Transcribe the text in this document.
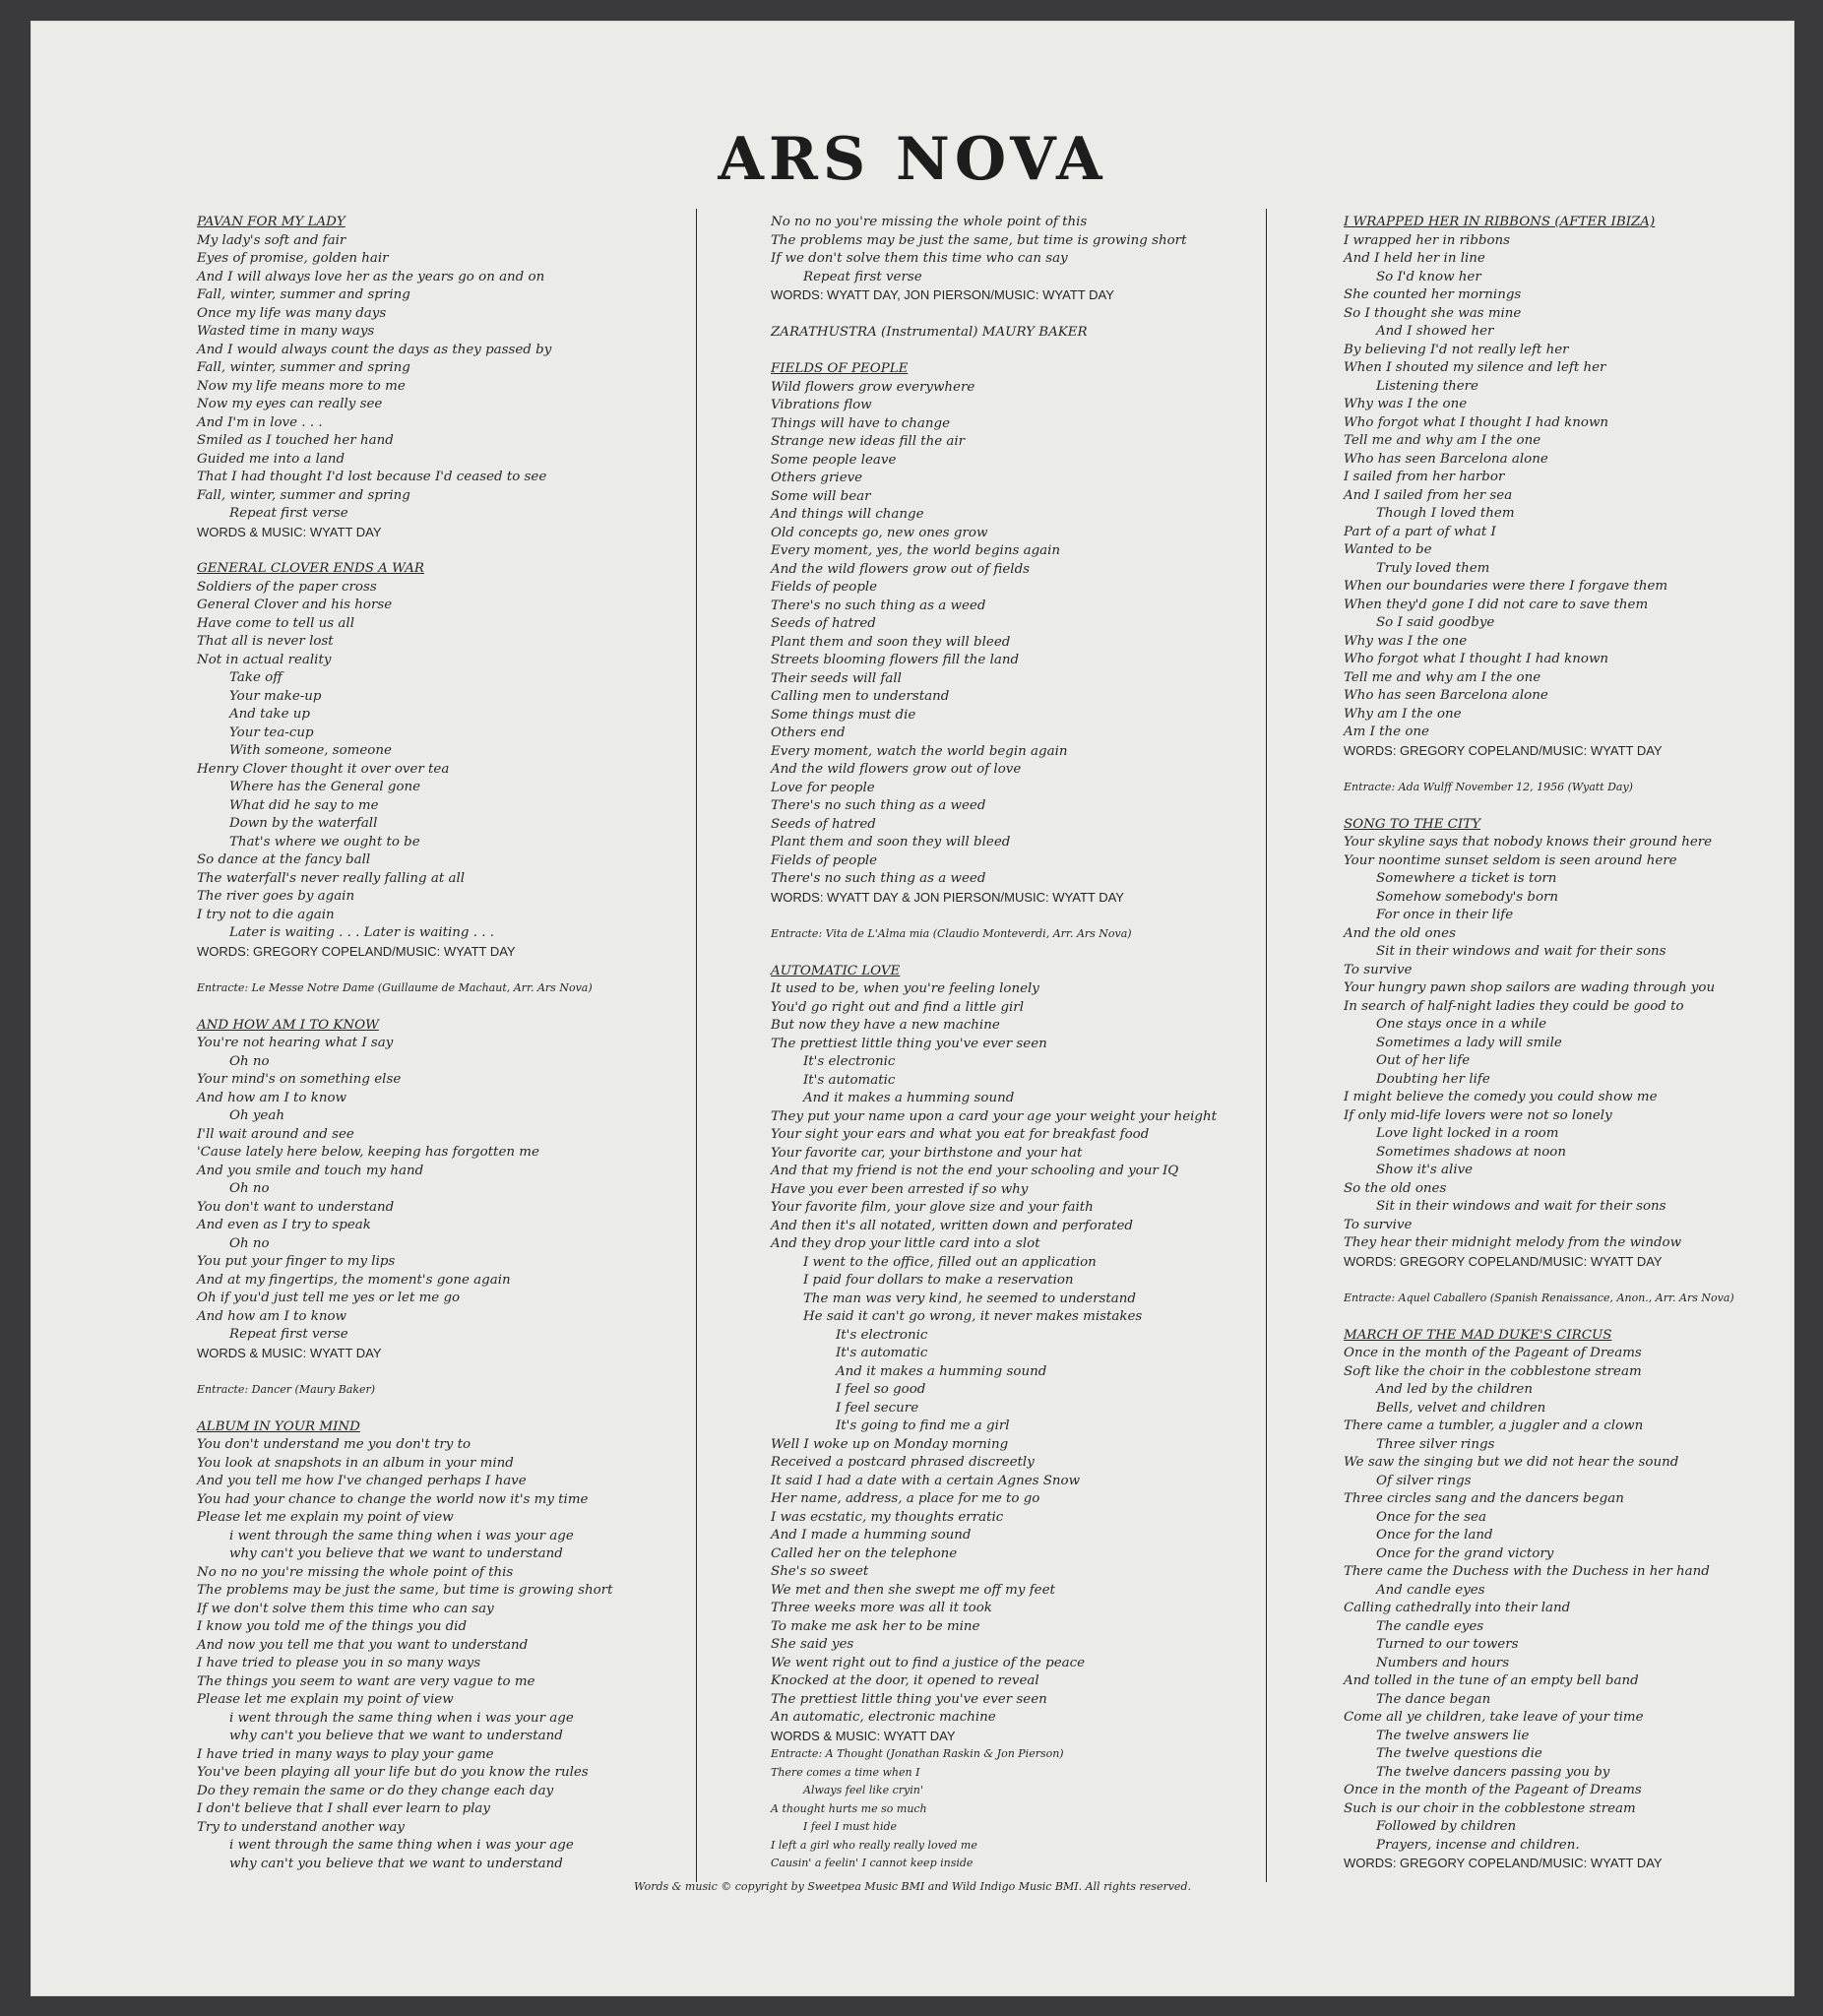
ARS NOVA
PAVAN FOR MY LADY
My lady's soft and fair
Eyes of promise, golden hair
And I will always love her as the years go on and on
Fall, winter, summer and spring
Once my life was many days
Wasted time in many ways
And I would always count the days as they passed by
Fall, winter, summer and spring
Now my life means more to me
Now my eyes can really see
And I'm in love . . .
Smiled as I touched her hand
Guided me into a land
That I had thought I'd lost because I'd ceased to see
Fall, winter, summer and spring
Repeat first verse
WORDS & MUSIC: WYATT DAY
GENERAL CLOVER ENDS A WAR
Soldiers of the paper cross
General Clover and his horse
Have come to tell us all
That all is never lost
Not in actual reality
Take off
Your make-up
And take up
Your tea-cup
With someone, someone
Henry Clover thought it over over tea
Where has the General gone
What did he say to me
Down by the waterfall
That's where we ought to be
So dance at the fancy ball
The waterfall's never really falling at all
The river goes by again
I try not to die again
Later is waiting . . . Later is waiting . . .
WORDS: GREGORY COPELAND/MUSIC: WYATT DAY
Entracte: Le Messe Notre Dame (Guillaume de Machaut, Arr. Ars Nova)
AND HOW AM I TO KNOW
You're not hearing what I say
Oh no
Your mind's on something else
And how am I to know
Oh yeah
I'll wait around and see
'Cause lately here below, keeping has forgotten me
And you smile and touch my hand
Oh no
You don't want to understand
And even as I try to speak
Oh no
You put your finger to my lips
And at my fingertips, the moment's gone again
Oh if you'd just tell me yes or let me go
And how am I to know
Repeat first verse
WORDS & MUSIC: WYATT DAY
Entracte: Dancer (Maury Baker)
ALBUM IN YOUR MIND
You don't understand me you don't try to
You look at snapshots in an album in your mind
And you tell me how I've changed perhaps I have
You had your chance to change the world now it's my time
Please let me explain my point of view
i went through the same thing when i was your age
why can't you believe that we want to understand
No no no you're missing the whole point of this
The problems may be just the same, but time is growing short
If we don't solve them this time who can say
I know you told me of the things you did
And now you tell me that you want to understand
I have tried to please you in so many ways
The things you seem to want are very vague to me
Please let me explain my point of view
i went through the same thing when i was your age
why can't you believe that we want to understand
I have tried in many ways to play your game
You've been playing all your life but do you know the rules
Do they remain the same or do they change each day
I don't believe that I shall ever learn to play
Try to understand another way
i went through the same thing when i was your age
why can't you believe that we want to understand
No no no you're missing the whole point of this
The problems may be just the same, but time is growing short
If we don't solve them this time who can say
Repeat first verse
WORDS: WYATT DAY, JON PIERSON/MUSIC: WYATT DAY
ZARATHUSTRA (Instrumental) MAURY BAKER
FIELDS OF PEOPLE
Wild flowers grow everywhere
Vibrations flow
Things will have to change
Strange new ideas fill the air
Some people leave
Others grieve
Some will bear
And things will change
Old concepts go, new ones grow
Every moment, yes, the world begins again
And the wild flowers grow out of fields
Fields of people
There's no such thing as a weed
Seeds of hatred
Plant them and soon they will bleed
Streets blooming flowers fill the land
Their seeds will fall
Calling men to understand
Some things must die
Others end
Every moment, watch the world begin again
And the wild flowers grow out of love
Love for people
There's no such thing as a weed
Seeds of hatred
Plant them and soon they will bleed
Fields of people
There's no such thing as a weed
WORDS: WYATT DAY & JON PIERSON/MUSIC: WYATT DAY
Entracte: Vita de L'Alma mia (Claudio Monteverdi, Arr. Ars Nova)
AUTOMATIC LOVE
It used to be, when you're feeling lonely
You'd go right out and find a little girl
But now they have a new machine
The prettiest little thing you've ever seen
It's electronic
It's automatic
And it makes a humming sound
They put your name upon a card your age your weight your height
Your sight your ears and what you eat for breakfast food
Your favorite car, your birthstone and your hat
And that my friend is not the end your schooling and your IQ
Have you ever been arrested if so why
Your favorite film, your glove size and your faith
And then it's all notated, written down and perforated
And they drop your little card into a slot
I went to the office, filled out an application
I paid four dollars to make a reservation
The man was very kind, he seemed to understand
He said it can't go wrong, it never makes mistakes
It's electronic
It's automatic
And it makes a humming sound
I feel so good
I feel secure
It's going to find me a girl
Well I woke up on Monday morning
Received a postcard phrased discreetly
It said I had a date with a certain Agnes Snow
Her name, address, a place for me to go
I was ecstatic, my thoughts erratic
And I made a humming sound
Called her on the telephone
She's so sweet
We met and then she swept me off my feet
Three weeks more was all it took
To make me ask her to be mine
She said yes
We went right out to find a justice of the peace
Knocked at the door, it opened to reveal
The prettiest little thing you've ever seen
An automatic, electronic machine
WORDS & MUSIC: WYATT DAY
Entracte: A Thought (Jonathan Raskin & Jon Pierson)
There comes a time when I
Always feel like cryin'
A thought hurts me so much
I feel I must hide
I left a girl who really really loved me
Causin' a feelin' I cannot keep inside
I WRAPPED HER IN RIBBONS (AFTER IBIZA)
I wrapped her in ribbons
And I held her in line
So I'd know her
She counted her mornings
So I thought she was mine
And I showed her
By believing I'd not really left her
When I shouted my silence and left her
Listening there
Why was I the one
Who forgot what I thought I had known
Tell me and why am I the one
Who has seen Barcelona alone
I sailed from her harbor
And I sailed from her sea
Though I loved them
Part of a part of what I
Wanted to be
Truly loved them
When our boundaries were there I forgave them
When they'd gone I did not care to save them
So I said goodbye
Why was I the one
Who forgot what I thought I had known
Tell me and why am I the one
Who has seen Barcelona alone
Why am I the one
Am I the one
WORDS: GREGORY COPELAND/MUSIC: WYATT DAY
Entracte: Ada Wulff November 12, 1956 (Wyatt Day)
SONG TO THE CITY
Your skyline says that nobody knows their ground here
Your noontime sunset seldom is seen around here
Somewhere a ticket is torn
Somehow somebody's born
For once in their life
And the old ones
Sit in their windows and wait for their sons
To survive
Your hungry pawn shop sailors are wading through you
In search of half-night ladies they could be good to
One stays once in a while
Sometimes a lady will smile
Out of her life
Doubting her life
I might believe the comedy you could show me
If only mid-life lovers were not so lonely
Love light locked in a room
Sometimes shadows at noon
Show it's alive
So the old ones
Sit in their windows and wait for their sons
To survive
They hear their midnight melody from the window
WORDS: GREGORY COPELAND/MUSIC: WYATT DAY
Entracte: Aquel Caballero (Spanish Renaissance, Anon., Arr. Ars Nova)
MARCH OF THE MAD DUKE'S CIRCUS
Once in the month of the Pageant of Dreams
Soft like the choir in the cobblestone stream
And led by the children
Bells, velvet and children
There came a tumbler, a juggler and a clown
Three silver rings
We saw the singing but we did not hear the sound
Of silver rings
Three circles sang and the dancers began
Once for the sea
Once for the land
Once for the grand victory
There came the Duchess with the Duchess in her hand
And candle eyes
Calling cathedrally into their land
The candle eyes
Turned to our towers
Numbers and hours
And tolled in the tune of an empty bell band
The dance began
Come all ye children, take leave of your time
The twelve answers lie
The twelve questions die
The twelve dancers passing you by
Once in the month of the Pageant of Dreams
Such is our choir in the cobblestone stream
Followed by children
Prayers, incense and children.
WORDS: GREGORY COPELAND/MUSIC: WYATT DAY
Words & music © copyright by Sweetpea Music BMI and Wild Indigo Music BMI. All rights reserved.
